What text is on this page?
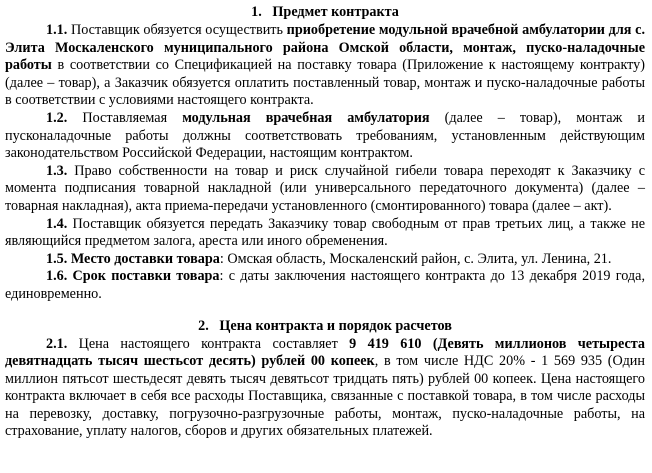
1.   Предмет контракта

1.1. Поставщик обязуется осуществить приобретение модульной врачебной амбулатории для с. Элита Москаленского муниципального района Омской области, монтаж, пуско-наладочные работы в соответствии со Спецификацией на поставку товара (Приложение к настоящему контракту) (далее – товар), а Заказчик обязуется оплатить поставленный товар, монтаж и пуско-наладочные работы в соответствии с условиями настоящего контракта.

1.2. Поставляемая модульная врачебная амбулатория (далее – товар), монтаж и пусконаладочные работы должны соответствовать требованиям, установленным действующим законодательством Российской Федерации, настоящим контрактом.

1.3. Право собственности на товар и риск случайной гибели товара переходят к Заказчику с момента подписания товарной накладной (или универсального передаточного документа) (далее – товарная накладная), акта приема-передачи установленного (смонтированного) товара (далее – акт).

1.4. Поставщик обязуется передать Заказчику товар свободным от прав третьих лиц, а также не являющийся предметом залога, ареста или иного обременения.

1.5. Место доставки товара: Омская область, Москаленский район, с. Элита, ул. Ленина, 21.

1.6. Срок поставки товара: с даты заключения настоящего контракта до 13 декабря 2019 года, единовременно.

2.   Цена контракта и порядок расчетов

2.1. Цена настоящего контракта составляет 9 419 610 (Девять миллионов четыреста девятнадцать тысяч шестьсот десять) рублей 00 копеек, в том числе НДС 20% - 1 569 935 (Один миллион пятьсот шестьдесят девять тысяч девятьсот тридцать пять) рублей 00 копеек. Цена настоящего контракта включает в себя все расходы Поставщика, связанные с поставкой товара, в том числе расходы на перевозку, доставку, погрузочно-разгрузочные работы, монтаж, пуско-наладочные работы, на страхование, уплату налогов, сборов и других обязательных платежей.
